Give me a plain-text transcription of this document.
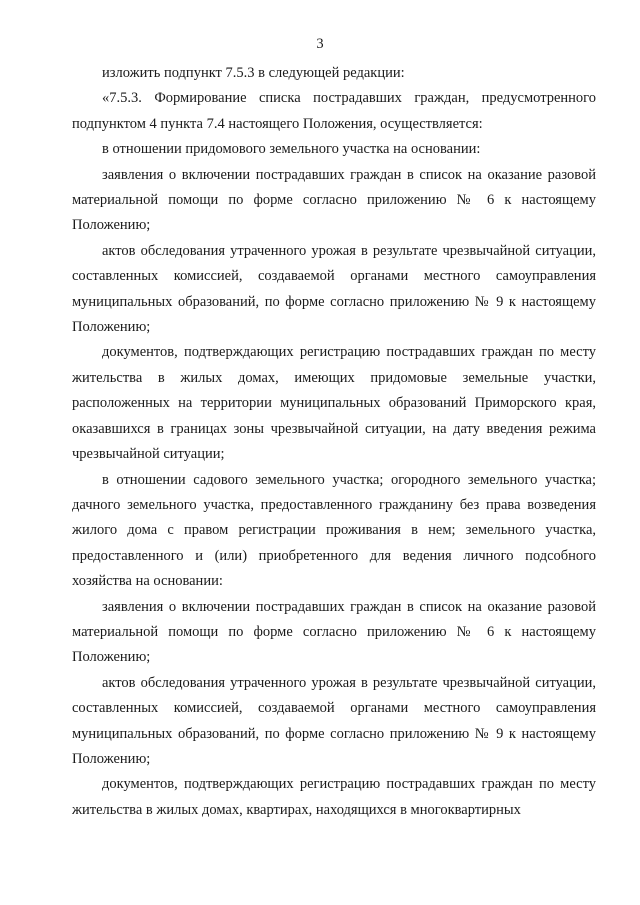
3

изложить подпункт 7.5.3 в следующей редакции:

«7.5.3. Формирование списка пострадавших граждан, предусмотренного подпунктом 4 пункта 7.4 настоящего Положения, осуществляется:

в отношении придомового земельного участка на основании:

заявления о включении пострадавших граждан в список на оказание разовой материальной помощи по форме согласно приложению № 6 к настоящему Положению;

актов обследования утраченного урожая в результате чрезвычайной ситуации, составленных комиссией, создаваемой органами местного самоуправления муниципальных образований, по форме согласно приложению № 9 к настоящему Положению;

документов, подтверждающих регистрацию пострадавших граждан по месту жительства в жилых домах, имеющих придомовые земельные участки, расположенных на территории муниципальных образований Приморского края, оказавшихся в границах зоны чрезвычайной ситуации, на дату введения режима чрезвычайной ситуации;

в отношении садового земельного участка; огородного земельного участка; дачного земельного участка, предоставленного гражданину без права возведения жилого дома с правом регистрации проживания в нем; земельного участка, предоставленного и (или) приобретенного для ведения личного подсобного хозяйства на основании:

заявления о включении пострадавших граждан в список на оказание разовой материальной помощи по форме согласно приложению № 6 к настоящему Положению;

актов обследования утраченного урожая в результате чрезвычайной ситуации, составленных комиссией, создаваемой органами местного самоуправления муниципальных образований, по форме согласно приложению № 9 к настоящему Положению;

документов, подтверждающих регистрацию пострадавших граждан по месту жительства в жилых домах, квартирах, находящихся в многоквартирных
